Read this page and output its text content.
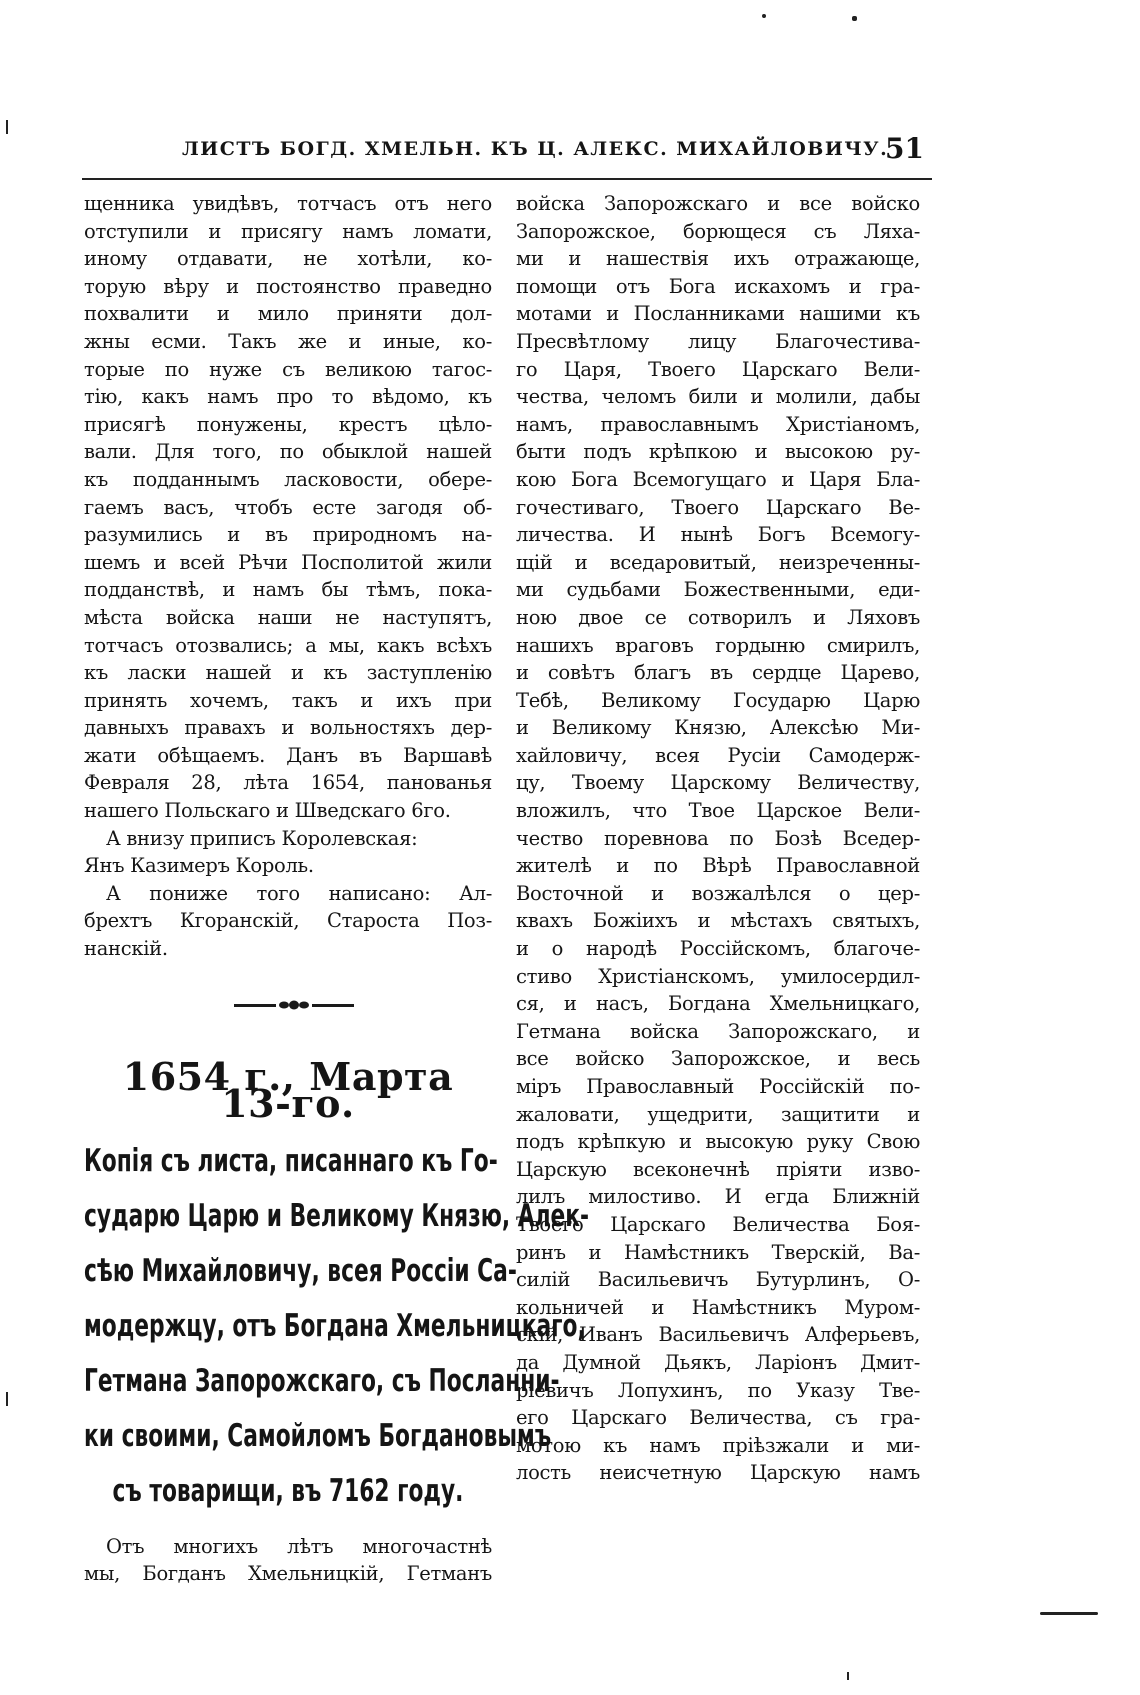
ЛИСТЪ БОГД. ХМЕЛЬН. КЪ Ц. АЛЕКС. МИХАЙЛОВИЧУ.
51
щенника увидѣвъ, тотчасъ отъ него
отступили и присягу намъ ломати,
иному отдавати, не хотѣли, ко-
торую вѣру и постоянство праведно
похвалити и мило приняти дол-
жны есми. Такъ же и иные, ко-
торые по нуже съ великою тагос-
тію, какъ намъ про то вѣдомо, къ
присягѣ понужены, крестъ цѣло-
вали. Для того, по обыклой нашей
къ подданнымъ ласковости, обере-
гаемъ васъ, чтобъ есте загодя об-
разумились и въ природномъ на-
шемъ и всей Рѣчи Посполитой жили
подданствѣ, и намъ бы тѣмъ, пока-
мѣста войска наши не наступятъ,
тотчасъ отозвались; а мы, какъ всѣхъ
къ ласки нашей и къ заступленію
принять хочемъ, такъ и ихъ при
давныхъ правахъ и вольностяхъ дер-
жати обѣщаемъ. Данъ въ Варшавѣ
Февраля 28, лѣта 1654, панованья
нашего Польскаго и Шведскаго 6го.
А внизу приписъ Королевская:
Янъ Казимеръ Король.
А пониже того написано: Ал-
брехтъ Кгоранскій, Староста Поз-
нанскій.
1654 г., Марта 13-го.
Копія съ листа, писаннаго къ Го-
сударю Царю и Великому Князю, Алек-
сѣю Михайловичу, всея Россіи Са-
модержцу, отъ Богдана Хмельницкаго,
Гетмана Запорожскаго, съ Посланни-
ки своими, Самойломъ Богдановымъ
съ товарищи, въ 7162 году.
Отъ многихъ лѣтъ многочастнѣ
мы, Богданъ Хмельницкій, Гетманъ
войска Запорожскаго и все войско
Запорожское, борющеся съ Ляха-
ми и нашествія ихъ отражающе,
помощи отъ Бога искахомъ и гра-
мотами и Посланниками нашими къ
Пресвѣтлому лицу Благочестива-
го Царя, Твоего Царскаго Вели-
чества, челомъ били и молили, дабы
намъ, православнымъ Христіаномъ,
быти подъ крѣпкою и высокою ру-
кою Бога Всемогущаго и Царя Бла-
гочестиваго, Твоего Царскаго Ве-
личества. И нынѣ Богъ Всемогу-
щій и вседаровитый, неизреченны-
ми судьбами Божественными, еди-
ною двое се сотворилъ и Ляховъ
нашихъ враговъ гордыню смирилъ,
и совѣтъ благъ въ сердце Царево,
Тебѣ, Великому Государю Царю
и Великому Князю, Алексѣю Ми-
хайловичу, всея Русіи Самодерж-
цу, Твоему Царскому Величеству,
вложилъ, что Твое Царское Вели-
чество поревнова по Бозѣ Вседер-
жителѣ и по Вѣрѣ Православной
Восточной и возжалѣлся о цер-
квахъ Божіихъ и мѣстахъ святыхъ,
и о народѣ Россійскомъ, благоче-
стиво Христіанскомъ, умилосердил-
ся, и насъ, Богдана Хмельницкаго,
Гетмана войска Запорожскаго, и
все войско Запорожское, и весь
міръ Православный Россійскій по-
жаловати, ущедрити, защитити и
подъ крѣпкую и высокую руку Свою
Царскую всеконечнѣ пріяти изво-
лилъ милостиво. И егда Ближній
Твоего Царскаго Величества Боя-
ринъ и Намѣстникъ Тверскій, Ва-
силій Васильевичъ Бутурлинъ, О-
кольничей и Намѣстникъ Муром-
скій, Иванъ Васильевичъ Алферьевъ,
да Думной Дьякъ, Ларіонъ Дмит-
ріевичъ Лопухинъ, по Указу Тве-
его Царскаго Величества, съ гра-
мотою къ намъ пріѣзжали и ми-
лость неисчетную Царскую намъ
